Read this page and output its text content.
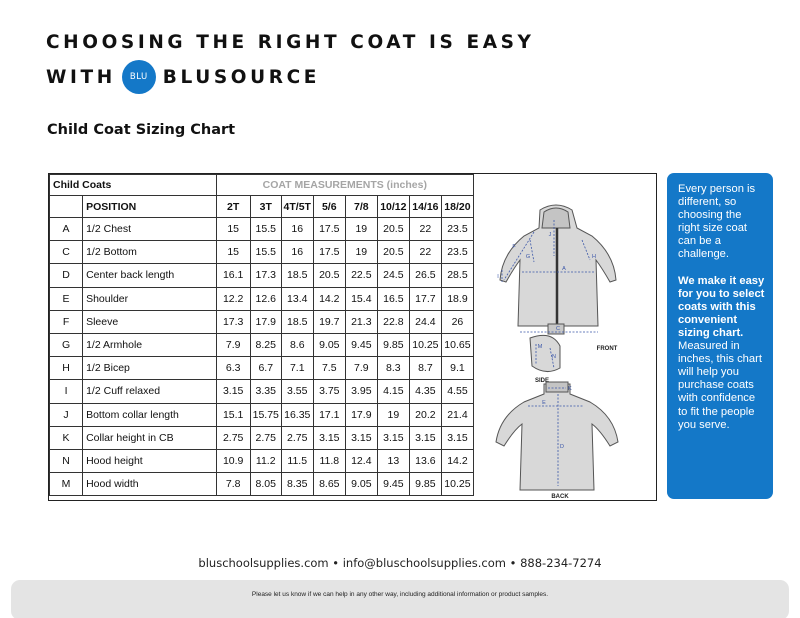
CHOOSING THE RIGHT COAT IS EASY
WITH	BLU BLUSOURCE
Child Coat Sizing Chart
Child Coats		COAT MEASUREMENTS (inches)							
	POSITION	2T	3T	4T/5T	5/6	7/8	10/12	14/16	18/20
A	1/2 Chest	15	15.5	16	17.5	19	20.5	22	23.5
C	1/2 Bottom	15	15.5	16	17.5	19	20.5	22	23.5
D	Center back length	16.1	17.3	18.5	20.5	22.5	24.5	26.5	28.5
E	Shoulder	12.2	12.6	13.4	14.2	15.4	16.5	17.7	18.9
F	Sleeve	17.3	17.9	18.5	19.7	21.3	22.8	24.4	26
G	1/2 Armhole	7.9	8.25	8.6	9.05	9.45	9.85	10.25	10.65
H	1/2 Bicep	6.3	6.7	7.1	7.5	7.9	8.3	8.7	9.1
I	1/2 Cuff relaxed	3.15	3.35	3.55	3.75	3.95	4.15	4.35	4.55
J	Bottom collar length	15.1	15.75	16.35	17.1	17.9	19	20.2	21.4
K	Collar height in CB	2.75	2.75	2.75	3.15	3.15	3.15	3.15	3.15
N	Hood height	10.9	11.2	11.5	11.8	12.4	13	13.6	14.2
M	Hood width	7.8	8.05	8.35	8.65	9.05	9.45	9.85	10.25
F
G
A
H
I
J
C
M
N
E
K
D
FRONT
SIDE
BACK

Every person is different, so choosing the right size coat can be a challenge.

We make it easy for you to select coats with this convenient sizing chart.
Measured in inches, this chart will help you purchase coats with confidence to fit the people you serve.
bluschoolsupplies.com • info@bluschoolsupplies.com • 888-234-7274
Please let us know if we can help in any other way, including additional information or product samples.
